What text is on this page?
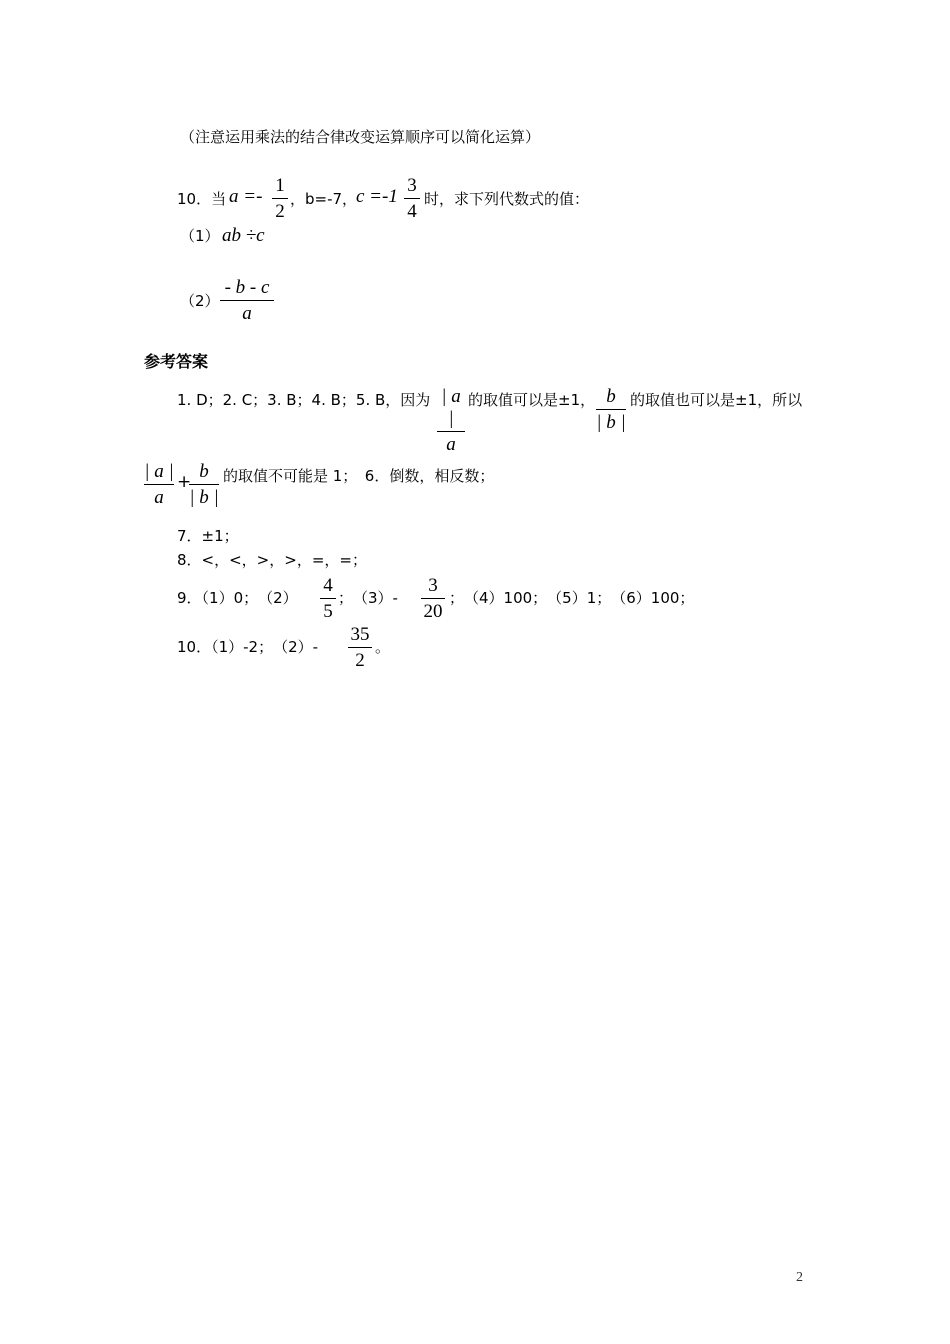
（注意运用乘法的结合律改变运算顺序可以简化运算）
10．当 a =-
1
2
，b=-7，
c =-1
3
4
时，求下列代数式的值：
（1） ab ÷c
（2）
- b - c
a
参考答案
1. D；2. C；3. B；4. B；5. B，因为 | a |
a
的取值可以是±1， b
| b |
的取值也可以是±1，所以
| a |
a
+ b
| b |
的取值不可能是 1；　6．倒数，相反数；
7．±1；
8．<，<，>，>，=，=；
9．（1）0；　（2）
4
5
；　（3）-
3
20
；　（4）100；　（5）1；　（6）100；
10．（1）-2；　（2）-
35
2
。
2
